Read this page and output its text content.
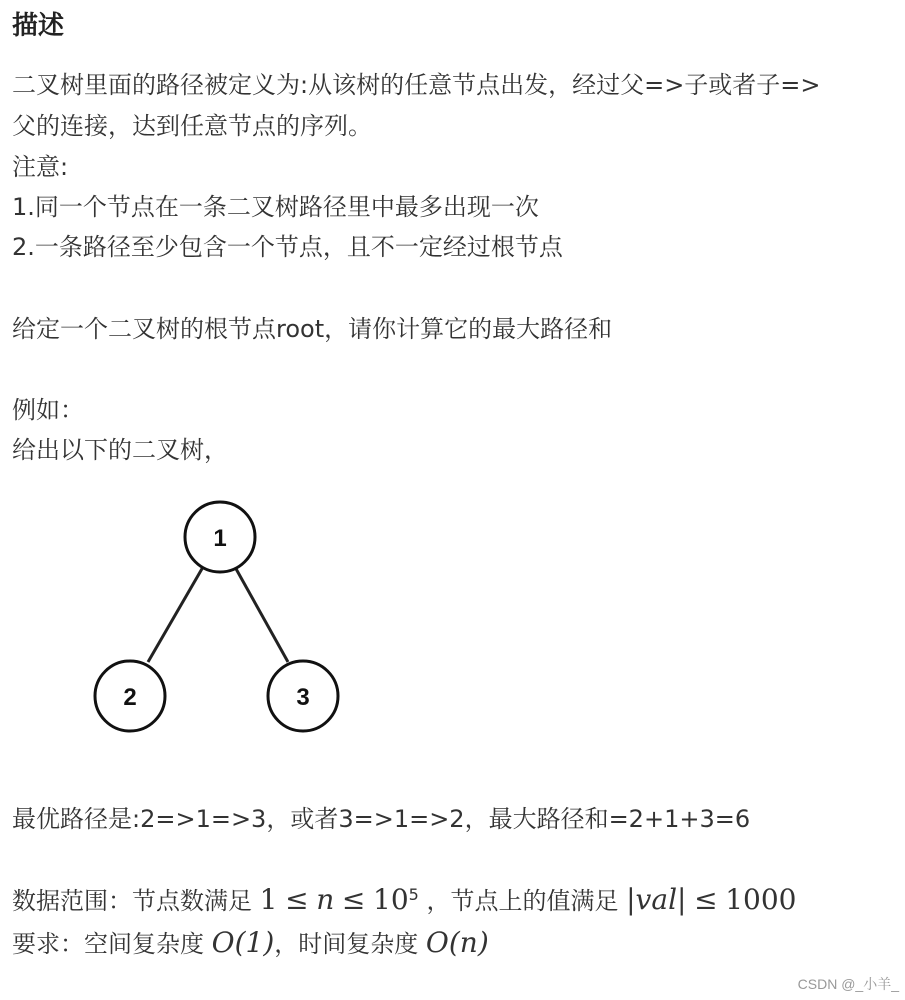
描述
二叉树里面的路径被定义为:从该树的任意节点出发，经过父=>子或者子=>
父的连接，达到任意节点的序列。
注意:
1.同一个节点在一条二叉树路径里中最多出现一次
2.一条路径至少包含一个节点，且不一定经过根节点
给定一个二叉树的根节点root，请你计算它的最大路径和
例如：
给出以下的二叉树，
1
2	3
最优路径是:2=>1=>3，或者3=>1=>2，最大路径和=2+1+3=6
数据范围：节点数满足 $1 \le n \le 10^5$ ，节点上的值满足 |val| ≤ 1000
要求：空间复杂度 O(1)，时间复杂度 O(n)
CSDN @_小羊_
